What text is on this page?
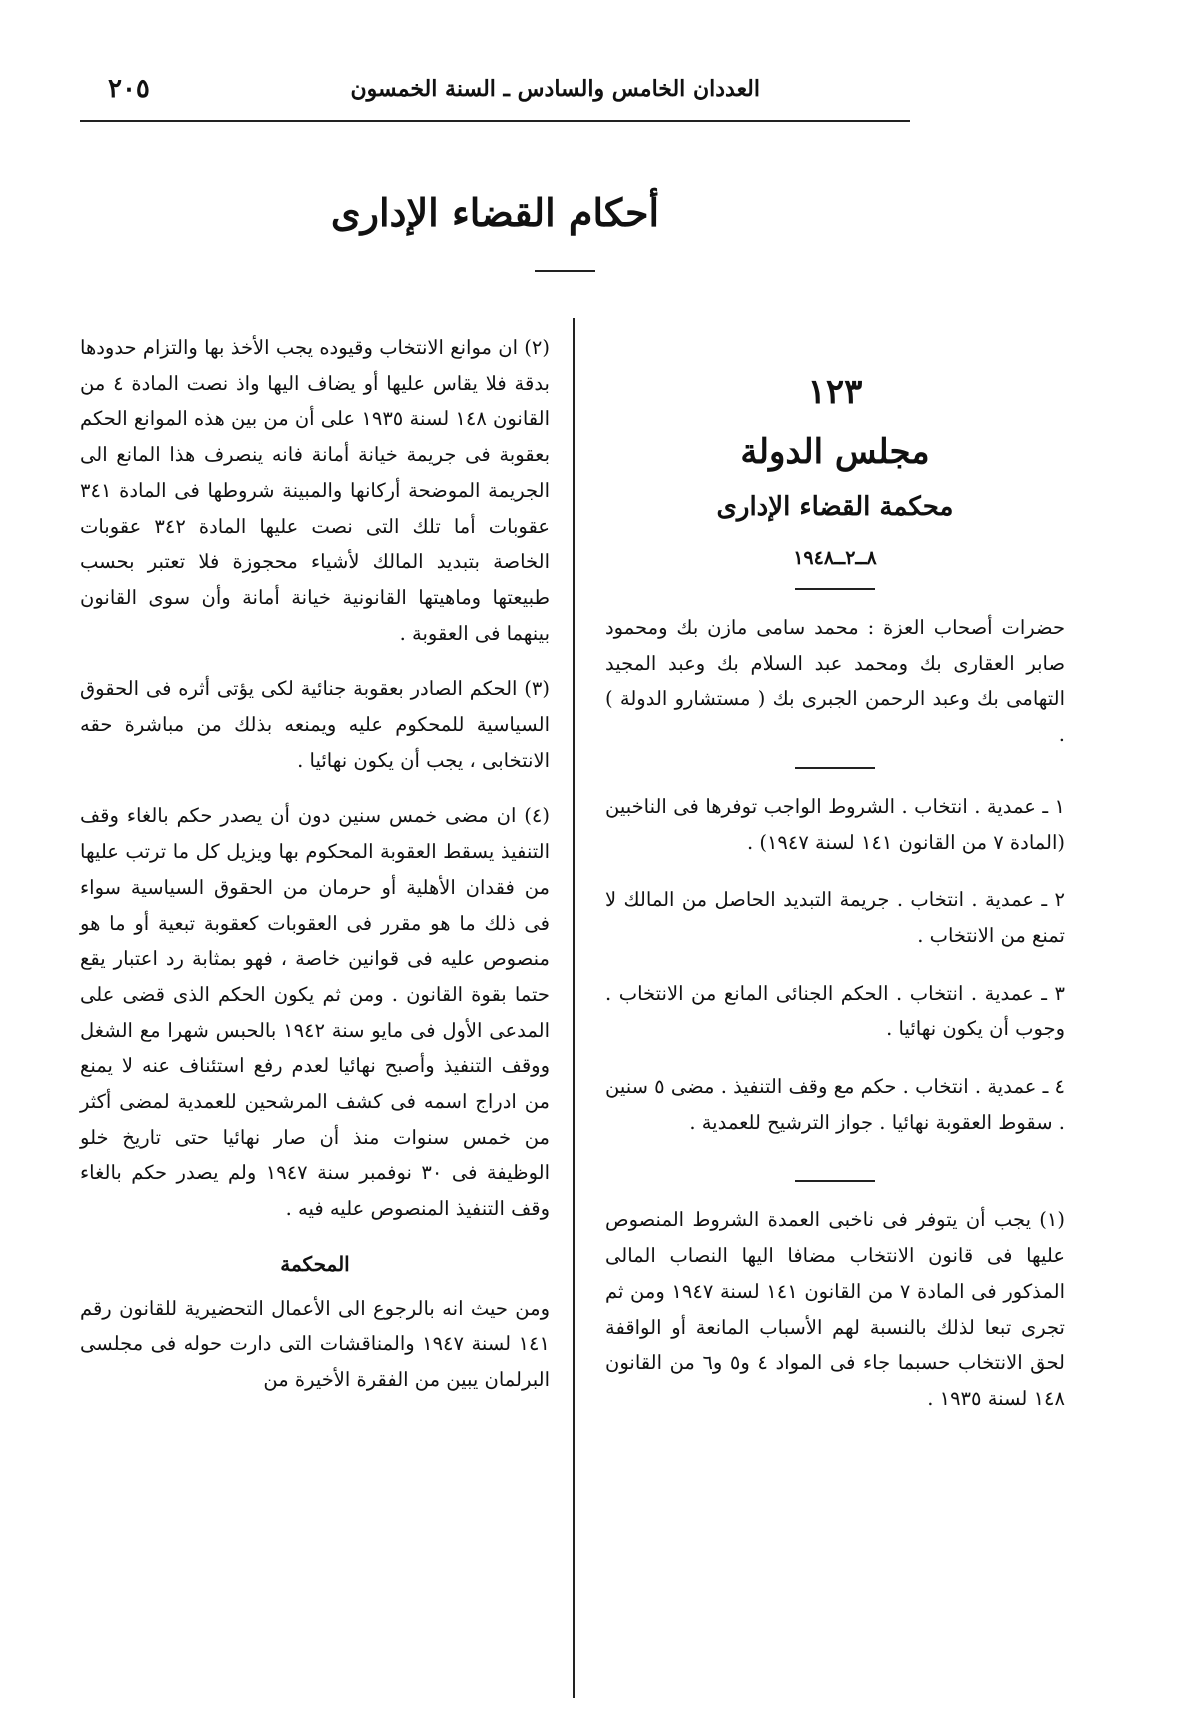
٢٠٥	العددان الخامس والسادس ـ السنة الخمسون
أحكام القضاء الإدارى
١٢٣
مجلس الدولة
محكمة القضاء الإدارى
٨ــ٢ــ١٩٤٨

حضرات أصحاب العزة : محمد سامى مازن بك ومحمود صابر العقارى بك ومحمد عبد السلام بك وعبد المجيد التهامى بك وعبد الرحمن الجبرى بك ( مستشارو الدولة ) .

١ ـ عمدية . انتخاب . الشروط الواجب توفرها فى الناخبين (المادة ٧ من القانون ١٤١ لسنة ١٩٤٧) .

٢ ـ عمدية . انتخاب . جريمة التبديد الحاصل من المالك لا تمنع من الانتخاب .

٣ ـ عمدية . انتخاب . الحكم الجنائى المانع من الانتخاب . وجوب أن يكون نهائيا .

٤ ـ عمدية . انتخاب . حكم مع وقف التنفيذ . مضى ٥ سنين . سقوط العقوبة نهائيا . جواز الترشيح للعمدية .

(١) يجب أن يتوفر فى ناخبى العمدة الشروط المنصوص عليها فى قانون الانتخاب مضافا اليها النصاب المالى المذكور فى المادة ٧ من القانون ١٤١ لسنة ١٩٤٧ ومن ثم تجرى تبعا لذلك بالنسبة لهم الأسباب المانعة أو الواقفة لحق الانتخاب حسبما جاء فى المواد ٤ و٥ و٦ من القانون ١٤٨ لسنة ١٩٣٥ .

(٢) ان موانع الانتخاب وقيوده يجب الأخذ بها والتزام حدودها بدقة فلا يقاس عليها أو يضاف اليها واذ نصت المادة ٤ من القانون ١٤٨ لسنة ١٩٣٥ على أن من بين هذه الموانع الحكم بعقوبة فى جريمة خيانة أمانة فانه ينصرف هذا المانع الى الجريمة الموضحة أركانها والمبينة شروطها فى المادة ٣٤١ عقوبات أما تلك التى نصت عليها المادة ٣٤٢ عقوبات الخاصة بتبديد المالك لأشياء محجوزة فلا تعتبر بحسب طبيعتها وماهيتها القانونية خيانة أمانة وأن سوى القانون بينهما فى العقوبة .

(٣) الحكم الصادر بعقوبة جنائية لكى يؤتى أثره فى الحقوق السياسية للمحكوم عليه ويمنعه بذلك من مباشرة حقه الانتخابى ، يجب أن يكون نهائيا .

(٤) ان مضى خمس سنين دون أن يصدر حكم بالغاء وقف التنفيذ يسقط العقوبة المحكوم بها ويزيل كل ما ترتب عليها من فقدان الأهلية أو حرمان من الحقوق السياسية سواء فى ذلك ما هو مقرر فى العقوبات كعقوبة تبعية أو ما هو منصوص عليه فى قوانين خاصة ، فهو بمثابة رد اعتبار يقع حتما بقوة القانون . ومن ثم يكون الحكم الذى قضى على المدعى الأول فى مايو سنة ١٩٤٢ بالحبس شهرا مع الشغل ووقف التنفيذ وأصبح نهائيا لعدم رفع استئناف عنه لا يمنع من ادراج اسمه فى كشف المرشحين للعمدية لمضى أكثر من خمس سنوات منذ أن صار نهائيا حتى تاريخ خلو الوظيفة فى ٣٠ نوفمبر سنة ١٩٤٧ ولم يصدر حكم بالغاء وقف التنفيذ المنصوص عليه فيه .

المحكمة

ومن حيث انه بالرجوع الى الأعمال التحضيرية للقانون رقم ١٤١ لسنة ١٩٤٧ والمناقشات التى دارت حوله فى مجلسى البرلمان يبين من الفقرة الأخيرة من
